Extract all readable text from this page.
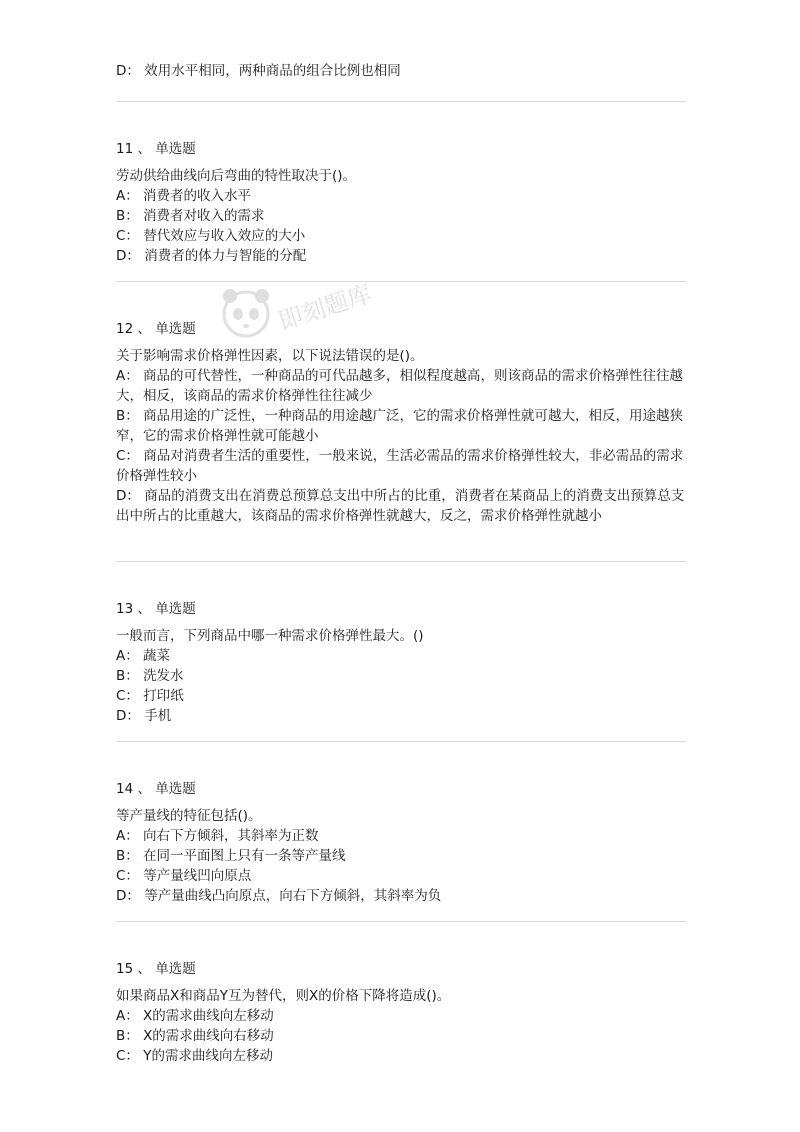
D： 效用水平相同，两种商品的组合比例也相同
11 、 单选题
劳动供给曲线向后弯曲的特性取决于()。
A： 消费者的收入水平
B： 消费者对收入的需求
C： 替代效应与收入效应的大小
D： 消费者的体力与智能的分配
12 、 单选题
关于影响需求价格弹性因素，以下说法错误的是()。
A： 商品的可代替性，一种商品的可代品越多，相似程度越高，则该商品的需求价格弹性往往越大，相反，该商品的需求价格弹性往往减少
B： 商品用途的广泛性，一种商品的用途越广泛，它的需求价格弹性就可越大，相反，用途越狭窄，它的需求价格弹性就可能越小
C： 商品对消费者生活的重要性，一般来说，生活必需品的需求价格弹性较大，非必需品的需求价格弹性较小
D： 商品的消费支出在消费总预算总支出中所占的比重，消费者在某商品上的消费支出预算总支出中所占的比重越大，该商品的需求价格弹性就越大，反之，需求价格弹性就越小
13 、 单选题
一般而言，下列商品中哪一种需求价格弹性最大。()
A： 蔬菜
B： 洗发水
C： 打印纸
D： 手机
14 、 单选题
等产量线的特征包括()。
A： 向右下方倾斜，其斜率为正数
B： 在同一平面图上只有一条等产量线
C： 等产量线凹向原点
D： 等产量曲线凸向原点，向右下方倾斜，其斜率为负
15 、 单选题
如果商品X和商品Y互为替代，则X的价格下降将造成()。
A： X的需求曲线向左移动
B： X的需求曲线向右移动
C： Y的需求曲线向左移动
即刻题库
